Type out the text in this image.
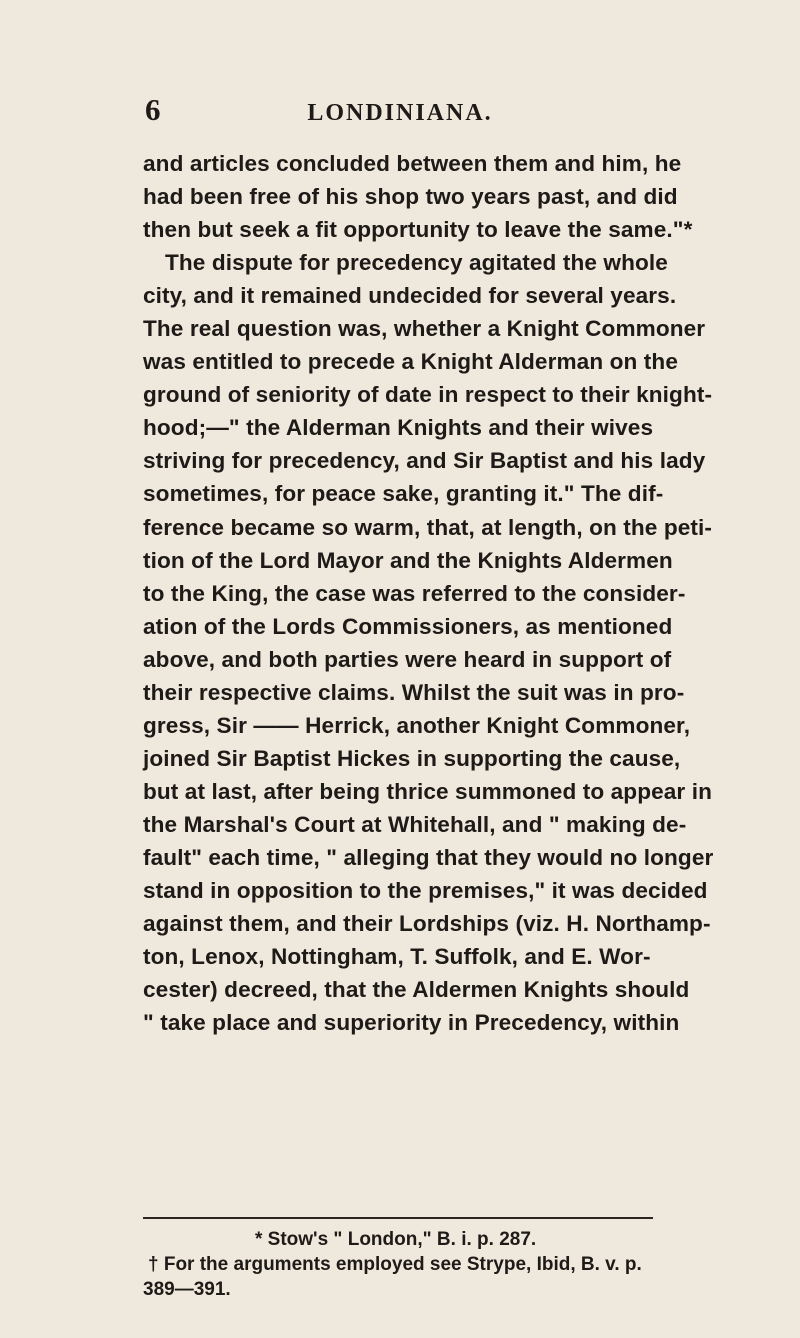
6	LONDINIANA.
and articles concluded between them and him, he
had been free of his shop two years past, and did
then but seek a fit opportunity to leave the same."*
The dispute for precedency agitated the whole
city, and it remained undecided for several years.
The real question was, whether a Knight Commoner
was entitled to precede a Knight Alderman on the
ground of seniority of date in respect to their knight-
hood;—" the Alderman Knights and their wives
striving for precedency, and Sir Baptist and his lady
sometimes, for peace sake, granting it." The dif-
ference became so warm, that, at length, on the peti-
tion of the Lord Mayor and the Knights Aldermen
to the King, the case was referred to the consider-
ation of the Lords Commissioners, as mentioned
above, and both parties were heard in support of
their respective claims. Whilst the suit was in pro-
gress, Sir —— Herrick, another Knight Commoner,
joined Sir Baptist Hickes in supporting the cause,
but at last, after being thrice summoned to appear in
the Marshal's Court at Whitehall, and " making de-
fault" each time, " alleging that they would no longer
stand in opposition to the premises," it was decided
against them, and their Lordships (viz. H. Northamp-
ton, Lenox, Nottingham, T. Suffolk, and E. Wor-
cester) decreed, that the Aldermen Knights should
" take place and superiority in Precedency, within
* Stow's " London," B. i. p. 287.
† For the arguments employed see Strype, Ibid, B. v. p.
389—391.
